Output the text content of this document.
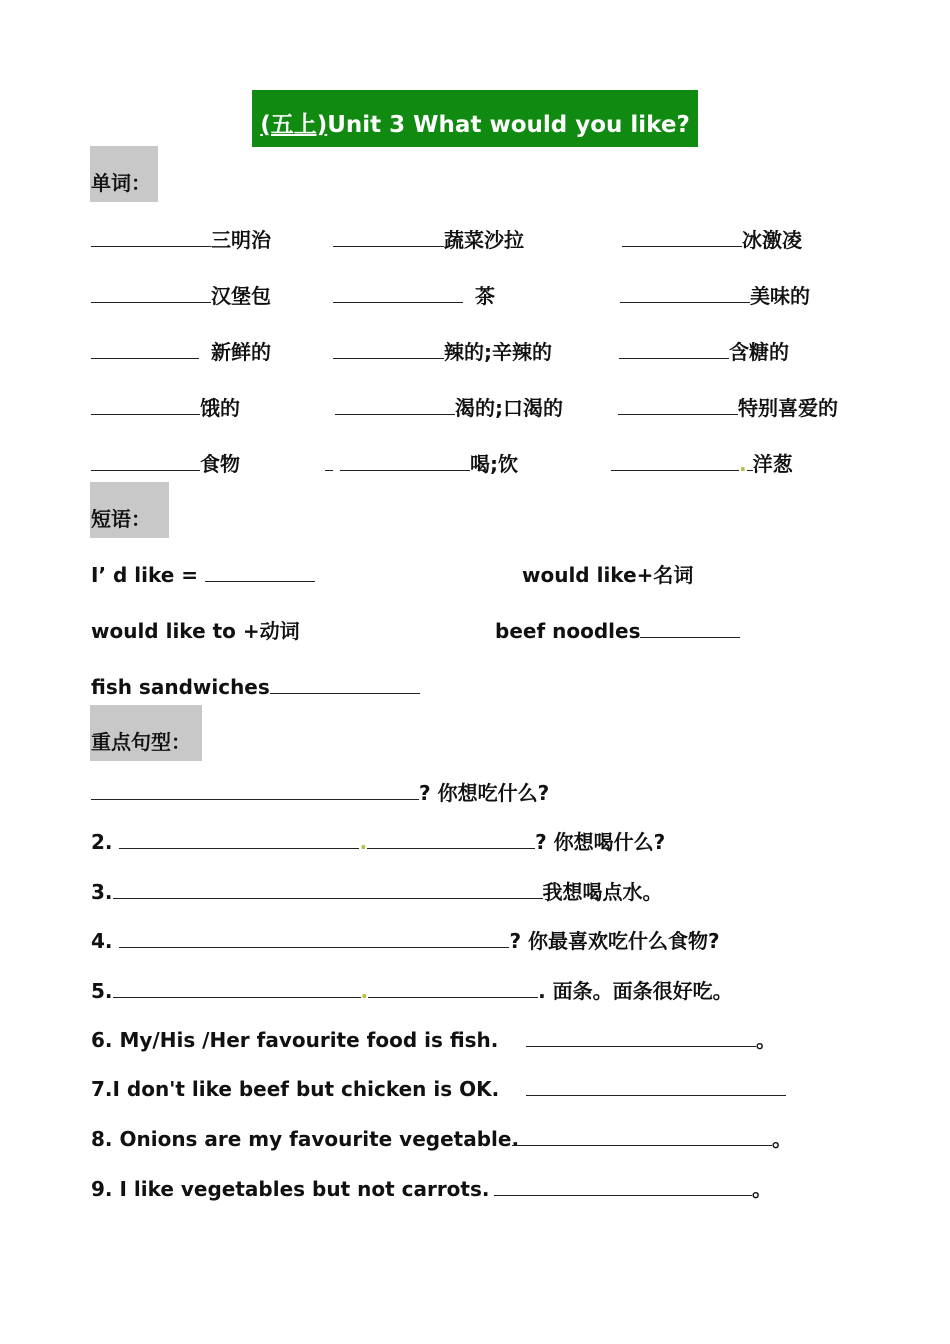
(五上)Unit 3 What would you like?
单词：
三明治	蔬菜沙拉	冰激凌
汉堡包	茶	美味的
新鲜的	辣的;辛辣的	含糖的
饿的	渴的;口渴的	特别喜爱的
食物	喝;饮	. 洋葱
短语：
I’ d like =	would like+名词
would like to +动词	beef noodles
fish sandwiches
重点句型：
? 你想吃什么?
2.	.	? 你想喝什么?
3.	我想喝点水。
4.	? 你最喜欢吃什么食物?
5.	.	. 面条。面条很好吃。
6. My/His /Her favourite food is fish.	。
7.I don't like beef but chicken is OK.
8. Onions are my favourite vegetable.	。
9. I like vegetables but not carrots.	。
